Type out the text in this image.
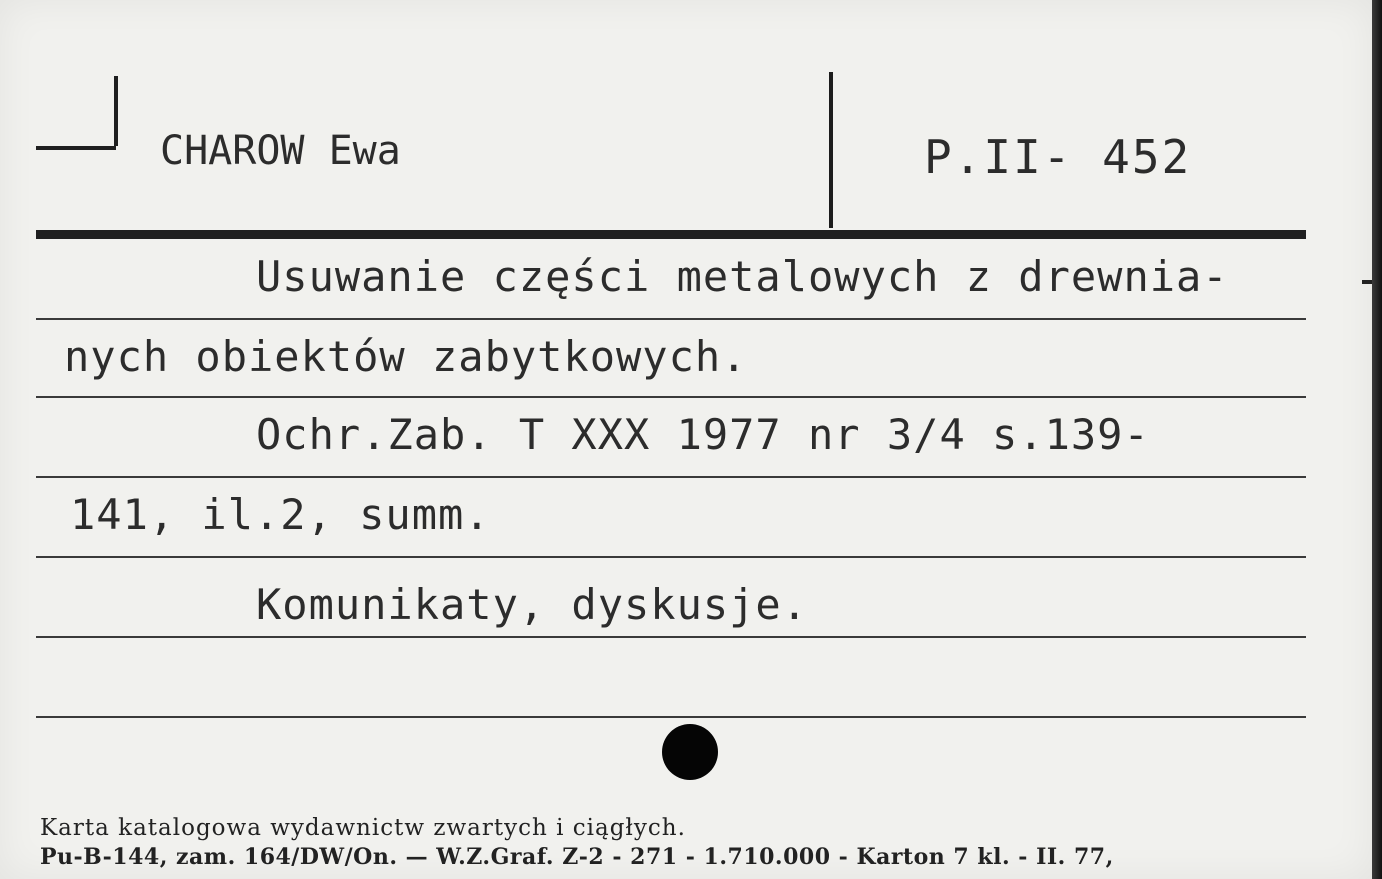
CHAROW Ewa	P.II- 452
Usuwanie części metalowych z drewnia-
nych obiektów zabytkowych.
Ochr.Zab. T XXX 1977 nr 3/4 s.139-
141, il.2, summ.
Komunikaty, dyskusje.
Karta katalogowa wydawnictw zwartych i ciągłych.
Pu-B-144, zam. 164/DW/On. — W.Z.Graf. Z-2 - 271 - 1.710.000 - Karton 7 kl. - II. 77,
